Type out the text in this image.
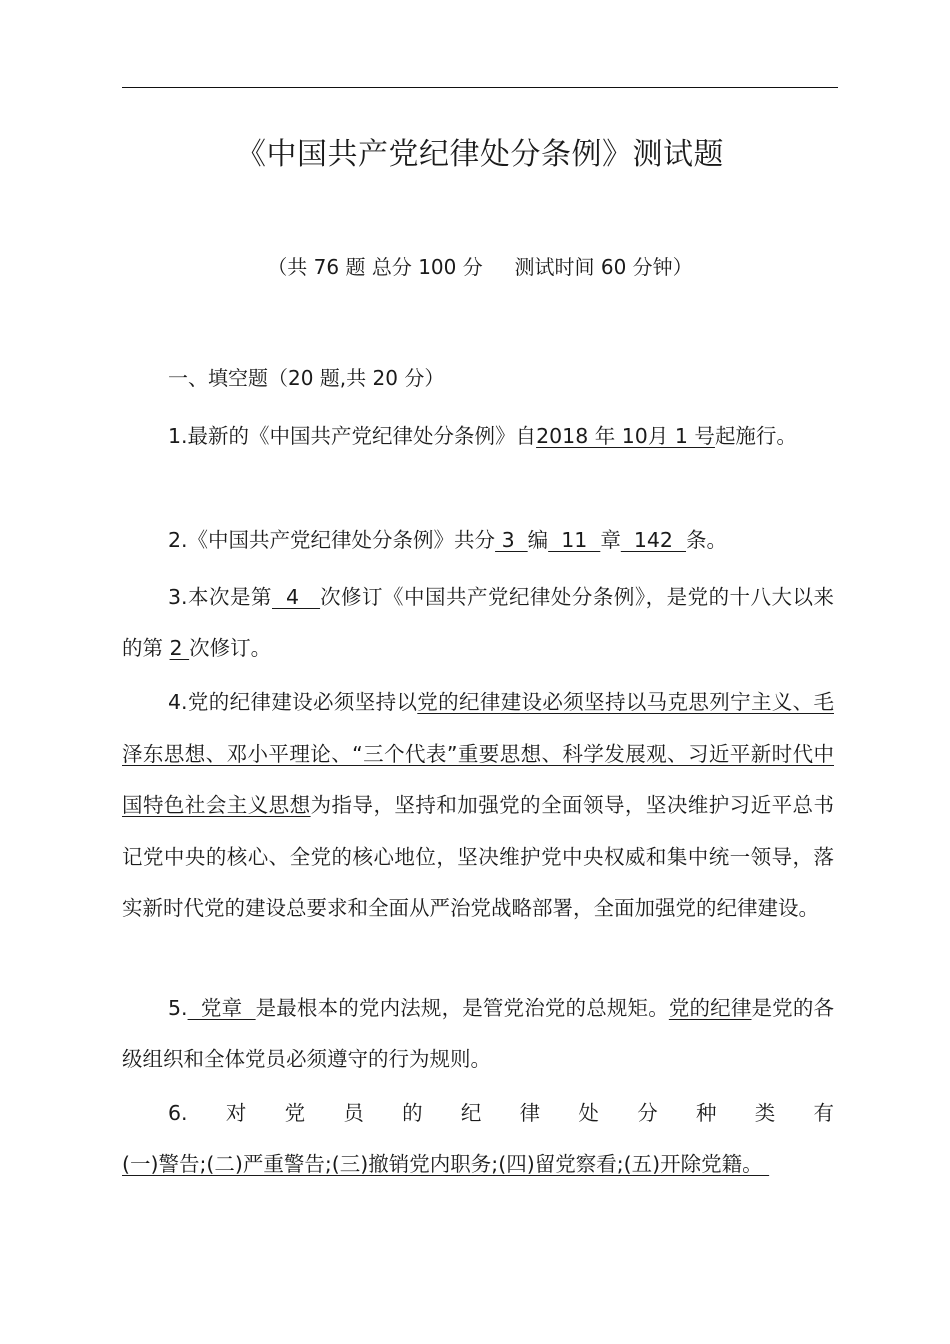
《中国共产党纪律处分条例》测试题
（共 76 题 总分 100 分     测试时间 60 分钟）
一、填空题（20 题,共 20 分）

1.最新的《中国共产党纪律处分条例》自2018 年 10月 1 号起施行。

2.《中国共产党纪律处分条例》共分 3  编  11  章  142  条。

3.本次是第  4   次修订《中国共产党纪律处分条例》，是党的十八大以来的第 2 次修订。

4.党的纪律建设必须坚持以党的纪律建设必须坚持以马克思列宁主义、毛泽东思想、邓小平理论、“三个代表”重要思想、科学发展观、习近平新时代中国特色社会主义思想为指导，坚持和加强党的全面领导，坚决维护习近平总书记党中央的核心、全党的核心地位，坚决维护党中央权威和集中统一领导，落实新时代党的建设总要求和全面从严治党战略部署，全面加强党的纪律建设。

5.  党章  是最根本的党内法规，是管党治党的总规矩。党的纪律是党的各级组织和全体党员必须遵守的行为规则。

6.对党员的纪律处分种类有(一)警告;(二)严重警告;(三)撤销党内职务;(四)留党察看;(五)开除党籍。
